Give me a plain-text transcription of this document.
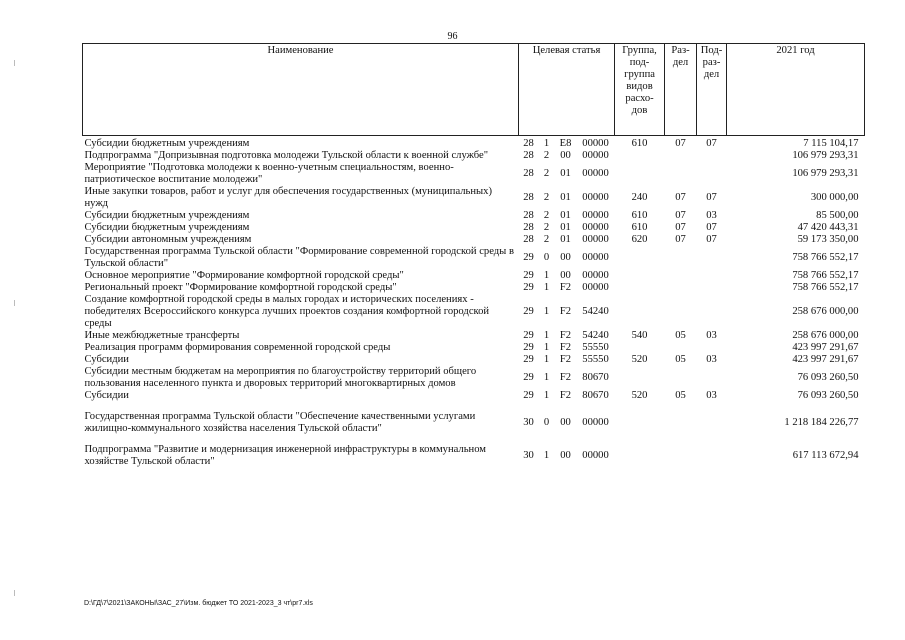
96
Наименование	Целевая статья				Группа, под- группа видов расхо- дов	Раз- дел	Под- раз- дел	2021 год
Субсидии бюджетным учреждениям	28	1	E8	00000	610	07	07	7 115 104,17
Подпрограмма "Допризывная подготовка молодежи Тульской области к военной службе"	28	2	00	00000				106 979 293,31
Мероприятие "Подготовка молодежи к военно-учетным специальностям, военно-патриотическое воспитание молодежи"	28	2	01	00000				106 979 293,31
Иные закупки товаров, работ и услуг для обеспечения государственных (муниципальных) нужд	28	2	01	00000	240	07	07	300 000,00
Субсидии бюджетным учреждениям	28	2	01	00000	610	07	03	85 500,00
Субсидии бюджетным учреждениям	28	2	01	00000	610	07	07	47 420 443,31
Субсидии автономным учреждениям	28	2	01	00000	620	07	07	59 173 350,00
Государственная программа Тульской области "Формирование современной городской среды в Тульской области"	29	0	00	00000				758 766 552,17
Основное мероприятие "Формирование комфортной городской среды"	29	1	00	00000				758 766 552,17
Региональный проект "Формирование комфортной городской среды"	29	1	F2	00000				758 766 552,17
Создание комфортной городской среды в малых городах и исторических поселениях - победителях Всероссийского конкурса лучших проектов создания комфортной городской среды	29	1	F2	54240				258 676 000,00
Иные межбюджетные трансферты	29	1	F2	54240	540	05	03	258 676 000,00
Реализация программ формирования современной городской среды	29	1	F2	55550				423 997 291,67
Субсидии	29	1	F2	55550	520	05	03	423 997 291,67
Субсидии местным бюджетам на мероприятия по благоустройству территорий общего пользования населенного пункта и дворовых территорий многоквартирных домов	29	1	F2	80670				76 093 260,50
Субсидии	29	1	F2	80670	520	05	03	76 093 260,50

Государственная программа Тульской области "Обеспечение качественными услугами жилищно-коммунального хозяйства населения Тульской области"	30	0	00	00000				1 218 184 226,77

Подпрограмма "Развитие и модернизация инженерной инфраструктуры в коммунальном хозяйстве Тульской области"	30	1	00	00000				617 113 672,94
D:\ГД\7\2021\ЗАКОНЫ\ЗАС_27\Изм. бюджет ТО 2021-2023_3 чт\pr7.xls
